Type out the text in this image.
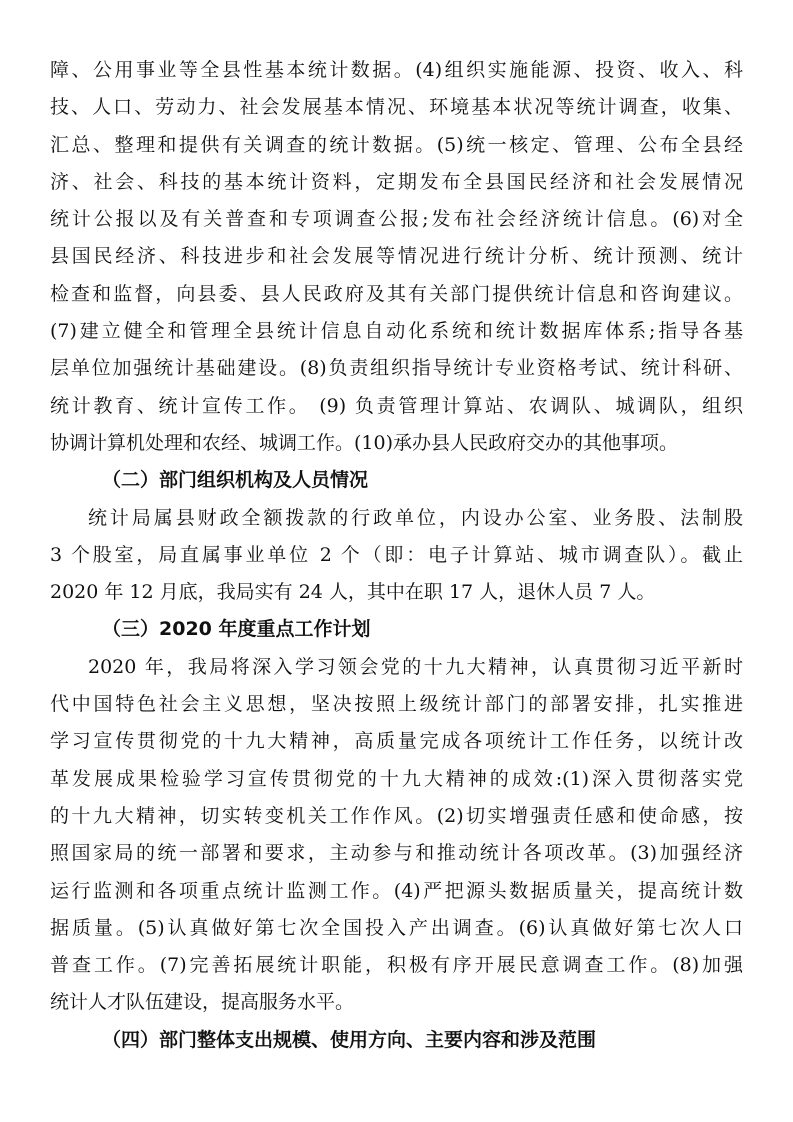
障、公用事业等全县性基本统计数据。(4)组织实施能源、投资、收入、科
技、人口、劳动力、社会发展基本情况、环境基本状况等统计调查，收集、
汇总、整理和提供有关调查的统计数据。(5)统一核定、管理、公布全县经
济、社会、科技的基本统计资料，定期发布全县国民经济和社会发展情况
统计公报以及有关普查和专项调查公报;发布社会经济统计信息。(6)对全
县国民经济、科技进步和社会发展等情况进行统计分析、统计预测、统计
检查和监督，向县委、县人民政府及其有关部门提供统计信息和咨询建议。
(7)建立健全和管理全县统计信息自动化系统和统计数据库体系;指导各基
层单位加强统计基础建设。(8)负责组织指导统计专业资格考试、统计科研、
统计教育、统计宣传工作。 (9) 负责管理计算站、农调队、城调队，组织
协调计算机处理和农经、城调工作。(10)承办县人民政府交办的其他事项。
（二）部门组织机构及人员情况
统计局属县财政全额拨款的行政单位，内设办公室、业务股、法制股
3 个股室，局直属事业单位 2 个（即：电子计算站、城市调查队）。截止
2020 年 12 月底，我局实有 24 人，其中在职 17 人，退休人员 7 人。
（三）2020 年度重点工作计划
2020 年，我局将深入学习领会党的十九大精神，认真贯彻习近平新时
代中国特色社会主义思想，坚决按照上级统计部门的部署安排，扎实推进
学习宣传贯彻党的十九大精神，高质量完成各项统计工作任务，以统计改
革发展成果检验学习宣传贯彻党的十九大精神的成效:(1)深入贯彻落实党
的十九大精神，切实转变机关工作作风。(2)切实增强责任感和使命感，按
照国家局的统一部署和要求，主动参与和推动统计各项改革。(3)加强经济
运行监测和各项重点统计监测工作。(4)严把源头数据质量关，提高统计数
据质量。(5)认真做好第七次全国投入产出调查。(6)认真做好第七次人口
普查工作。(7)完善拓展统计职能，积极有序开展民意调查工作。(8)加强
统计人才队伍建设，提高服务水平。
（四）部门整体支出规模、使用方向、主要内容和涉及范围
